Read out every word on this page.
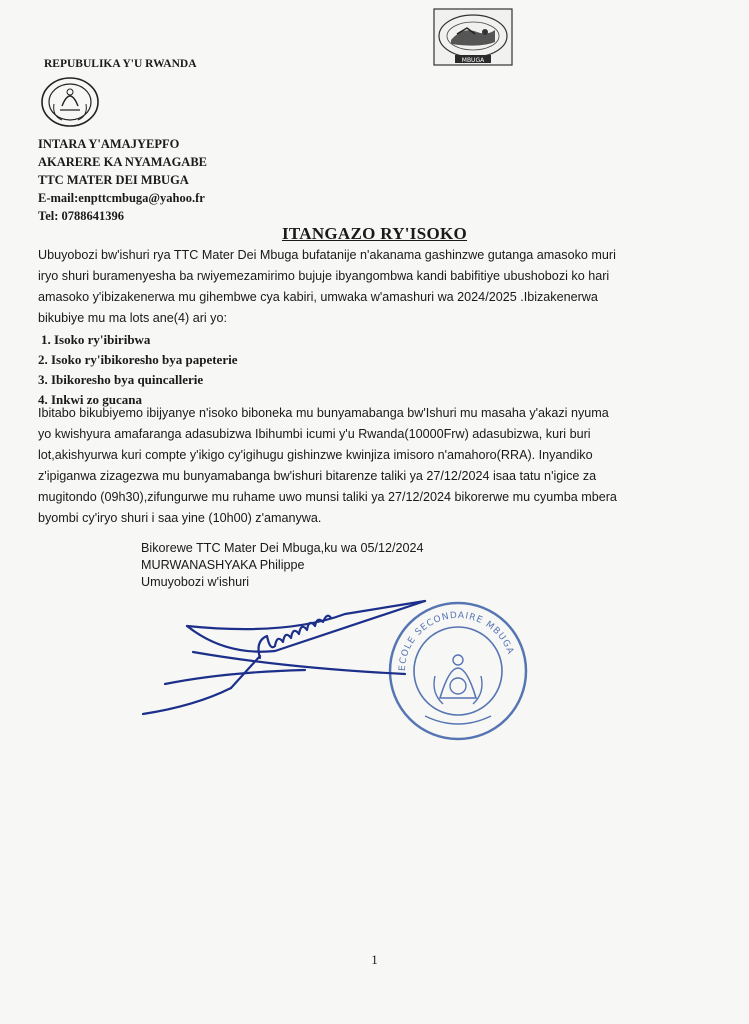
MBUGA
REPUBULIKA Y'U RWANDA
INTARA Y'AMAJYEPFO
AKARERE KA NYAMAGABE
TTC MATER DEI MBUGA
E-mail:enpttcmbuga@yahoo.fr
Tel: 0788641396
ITANGAZO RY'ISOKO
Ubuyobozi bw'ishuri rya TTC Mater Dei Mbuga bufatanije n'akanama gashinzwe gutanga amasoko muri
iryo shuri buramenyesha ba rwiyemezamirimo bujuje ibyangombwa kandi babifitiye ubushobozi ko hari
amasoko y'ibizakenerwa mu gihembwe cya kabiri, umwaka w'amashuri wa 2024/2025 .Ibizakenerwa
bikubiye mu ma lots ane(4) ari yo:
1. Isoko ry'ibiribwa
2. Isoko ry'ibikoresho bya papeterie
3. Ibikoresho bya quincallerie
4. Inkwi zo gucana
Ibitabo bikubiyemo ibijyanye n'isoko biboneka mu bunyamabanga bw'Ishuri mu masaha y'akazi nyuma
yo kwishyura amafaranga adasubizwa Ibihumbi icumi y'u Rwanda(10000Frw) adasubizwa, kuri buri
lot,akishyurwa kuri compte y'ikigo cy'igihugu gishinzwe kwinjiza imisoro n'amahoro(RRA). Inyandiko
z'ipiganwa zizagezwa mu bunyamabanga bw'ishuri bitarenze taliki ya 27/12/2024 isaa tatu n'igice za
mugitondo (09h30),zifungurwe mu ruhame uwo munsi taliki ya 27/12/2024 bikorerwe mu cyumba mbera
byombi cy'iryo shuri i saa yine (10h00) z'amanywa.
Bikorewe TTC Mater Dei Mbuga,ku wa 05/12/2024
MURWANASHYAKA Philippe
Umuyobozi w'ishuri
ECOLE SECONDAIRE MBUGA
1
